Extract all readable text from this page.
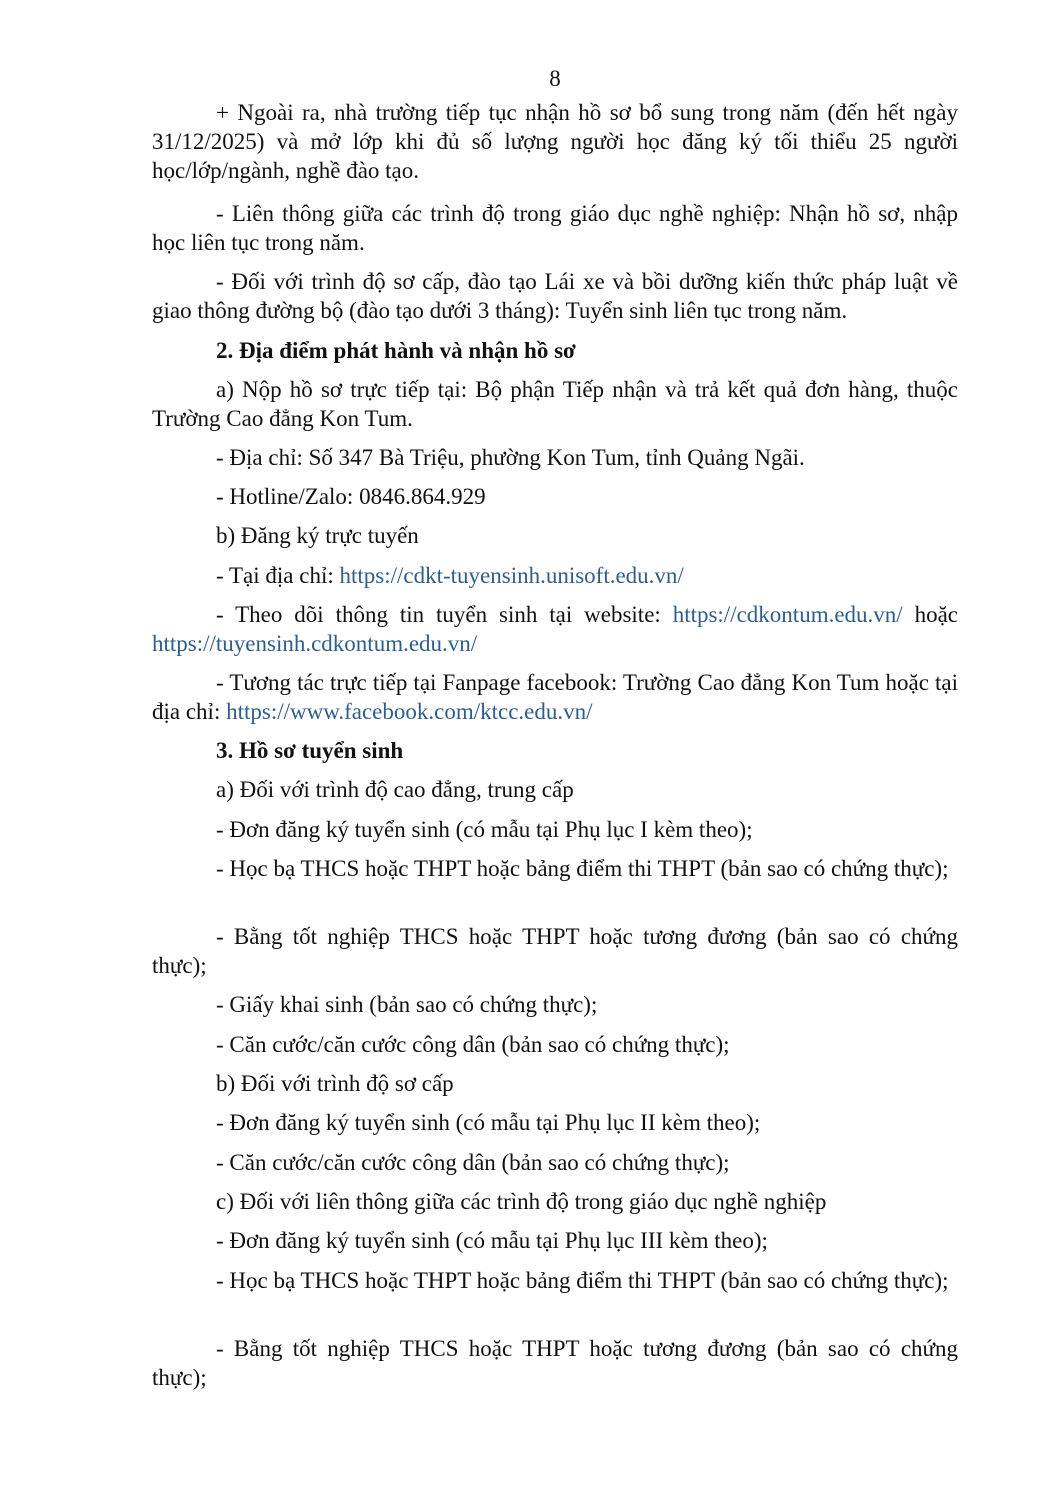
8

+ Ngoài ra, nhà trường tiếp tục nhận hồ sơ bổ sung trong năm (đến hết ngày 31/12/2025) và mở lớp khi đủ số lượng người học đăng ký tối thiểu 25 người học/lớp/ngành, nghề đào tạo.

- Liên thông giữa các trình độ trong giáo dục nghề nghiệp: Nhận hồ sơ, nhập học liên tục trong năm.

- Đối với trình độ sơ cấp, đào tạo Lái xe và bồi dưỡng kiến thức pháp luật về giao thông đường bộ (đào tạo dưới 3 tháng): Tuyển sinh liên tục trong năm.

2. Địa điểm phát hành và nhận hồ sơ

a) Nộp hồ sơ trực tiếp tại: Bộ phận Tiếp nhận và trả kết quả đơn hàng, thuộc Trường Cao đẳng Kon Tum.

- Địa chỉ: Số 347 Bà Triệu, phường Kon Tum, tỉnh Quảng Ngãi.

- Hotline/Zalo: 0846.864.929

b) Đăng ký trực tuyến

- Tại địa chỉ: https://cdkt-tuyensinh.unisoft.edu.vn/

- Theo dõi thông tin tuyển sinh tại website: https://cdkontum.edu.vn/ hoặc https://tuyensinh.cdkontum.edu.vn/

- Tương tác trực tiếp tại Fanpage facebook: Trường Cao đẳng Kon Tum hoặc tại địa chỉ: https://www.facebook.com/ktcc.edu.vn/

3. Hồ sơ tuyển sinh

a) Đối với trình độ cao đẳng, trung cấp

- Đơn đăng ký tuyển sinh (có mẫu tại Phụ lục I kèm theo);

- Học bạ THCS hoặc THPT hoặc bảng điểm thi THPT (bản sao có chứng thực);

- Bằng tốt nghiệp THCS hoặc THPT hoặc tương đương (bản sao có chứng thực);

- Giấy khai sinh (bản sao có chứng thực);

- Căn cước/căn cước công dân (bản sao có chứng thực);

b) Đối với trình độ sơ cấp

- Đơn đăng ký tuyển sinh (có mẫu tại Phụ lục II kèm theo);

- Căn cước/căn cước công dân (bản sao có chứng thực);

c) Đối với liên thông giữa các trình độ trong giáo dục nghề nghiệp

- Đơn đăng ký tuyển sinh (có mẫu tại Phụ lục III kèm theo);

- Học bạ THCS hoặc THPT hoặc bảng điểm thi THPT (bản sao có chứng thực);

- Bằng tốt nghiệp THCS hoặc THPT hoặc tương đương (bản sao có chứng thực);
